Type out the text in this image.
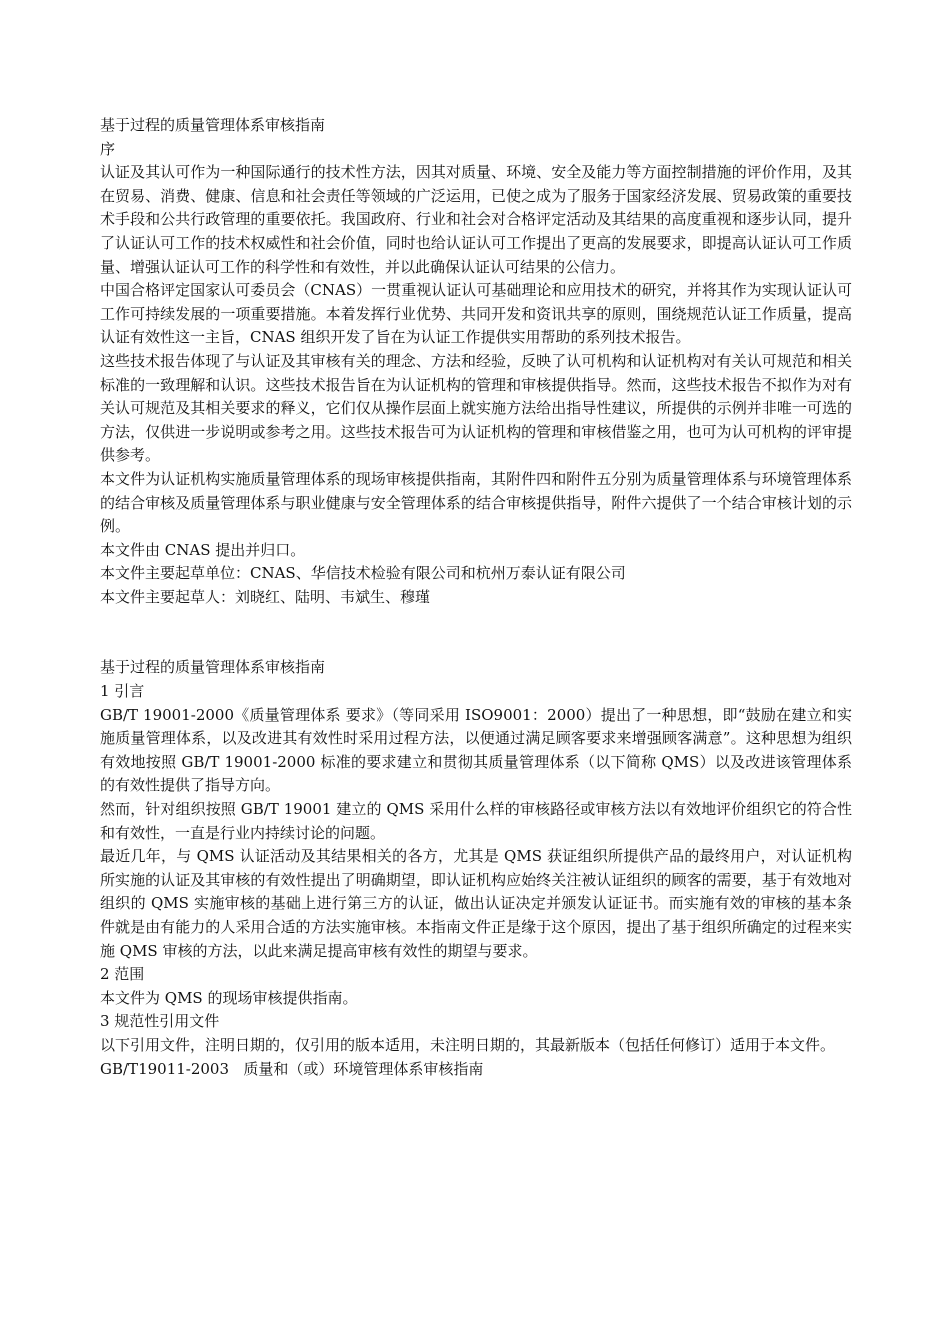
基于过程的质量管理体系审核指南

序

认证及其认可作为一种国际通行的技术性方法，因其对质量、环境、安全及能力等方面控制措施的评价作用，及其在贸易、消费、健康、信息和社会责任等领域的广泛运用，已使之成为了服务于国家经济发展、贸易政策的重要技术手段和公共行政管理的重要依托。我国政府、行业和社会对合格评定活动及其结果的高度重视和逐步认同，提升了认证认可工作的技术权威性和社会价值，同时也给认证认可工作提出了更高的发展要求，即提高认证认可工作质量、增强认证认可工作的科学性和有效性，并以此确保认证认可结果的公信力。

中国合格评定国家认可委员会（CNAS）一贯重视认证认可基础理论和应用技术的研究，并将其作为实现认证认可工作可持续发展的一项重要措施。本着发挥行业优势、共同开发和资讯共享的原则，围绕规范认证工作质量，提高认证有效性这一主旨，CNAS 组织开发了旨在为认证工作提供实用帮助的系列技术报告。

这些技术报告体现了与认证及其审核有关的理念、方法和经验，反映了认可机构和认证机构对有关认可规范和相关标准的一致理解和认识。这些技术报告旨在为认证机构的管理和审核提供指导。然而，这些技术报告不拟作为对有关认可规范及其相关要求的释义，它们仅从操作层面上就实施方法给出指导性建议，所提供的示例并非唯一可选的方法，仅供进一步说明或参考之用。这些技术报告可为认证机构的管理和审核借鉴之用，也可为认可机构的评审提供参考。

本文件为认证机构实施质量管理体系的现场审核提供指南，其附件四和附件五分别为质量管理体系与环境管理体系的结合审核及质量管理体系与职业健康与安全管理体系的结合审核提供指导，附件六提供了一个结合审核计划的示例。

本文件由 CNAS 提出并归口。

本文件主要起草单位：CNAS、华信技术检验有限公司和杭州万泰认证有限公司

本文件主要起草人：刘晓红、陆明、韦斌生、穆瑾

基于过程的质量管理体系审核指南

1 引言

GB/T 19001-2000《质量管理体系 要求》（等同采用 ISO9001：2000）提出了一种思想，即“鼓励在建立和实施质量管理体系，以及改进其有效性时采用过程方法，以便通过满足顾客要求来增强顾客满意”。这种思想为组织有效地按照 GB/T 19001-2000 标准的要求建立和贯彻其质量管理体系（以下简称 QMS）以及改进该管理体系的有效性提供了指导方向。

然而，针对组织按照 GB/T 19001 建立的 QMS 采用什么样的审核路径或审核方法以有效地评价组织它的符合性和有效性，一直是行业内持续讨论的问题。

最近几年，与 QMS 认证活动及其结果相关的各方，尤其是 QMS 获证组织所提供产品的最终用户，对认证机构所实施的认证及其审核的有效性提出了明确期望，即认证机构应始终关注被认证组织的顾客的需要，基于有效地对组织的 QMS 实施审核的基础上进行第三方的认证，做出认证决定并颁发认证证书。而实施有效的审核的基本条件就是由有能力的人采用合适的方法实施审核。本指南文件正是缘于这个原因，提出了基于组织所确定的过程来实施 QMS 审核的方法，以此来满足提高审核有效性的期望与要求。

2 范围

本文件为 QMS 的现场审核提供指南。

3 规范性引用文件

以下引用文件，注明日期的，仅引用的版本适用，未注明日期的，其最新版本（包括任何修订）适用于本文件。

GB/T19011-2003   质量和（或）环境管理体系审核指南
